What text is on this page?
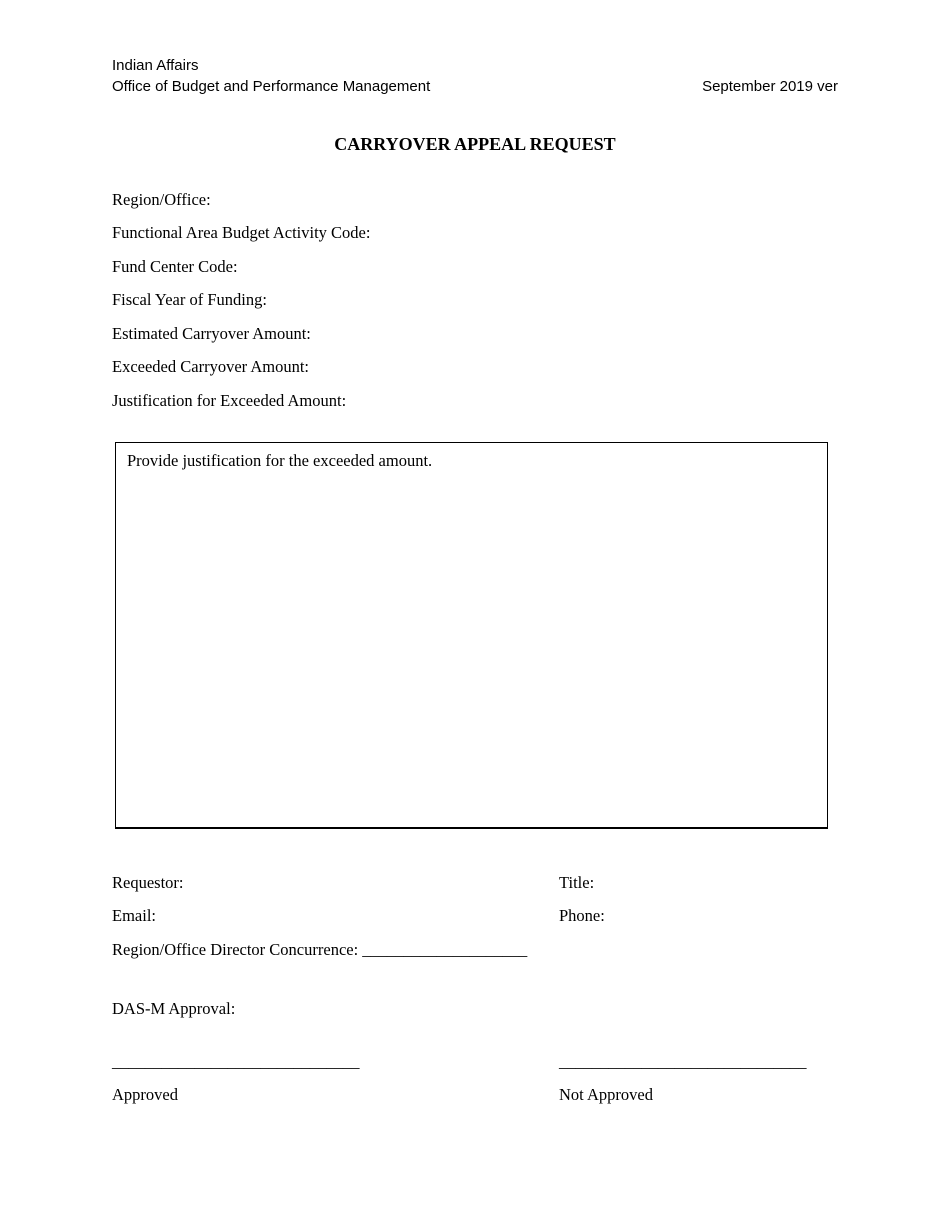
Indian Affairs
Office of Budget and Performance Management	September 2019 ver
CARRYOVER APPEAL REQUEST
Region/Office:
Functional Area Budget Activity Code:
Fund Center Code:
Fiscal Year of Funding:
Estimated Carryover Amount:
Exceeded Carryover Amount:
Justification for Exceeded Amount:
Provide justification for the exceeded amount.
Requestor:	Title:
Email:	Phone:
Region/Office Director Concurrence: ____________________
DAS-M Approval:
______________________________	______________________________
Approved	Not Approved
